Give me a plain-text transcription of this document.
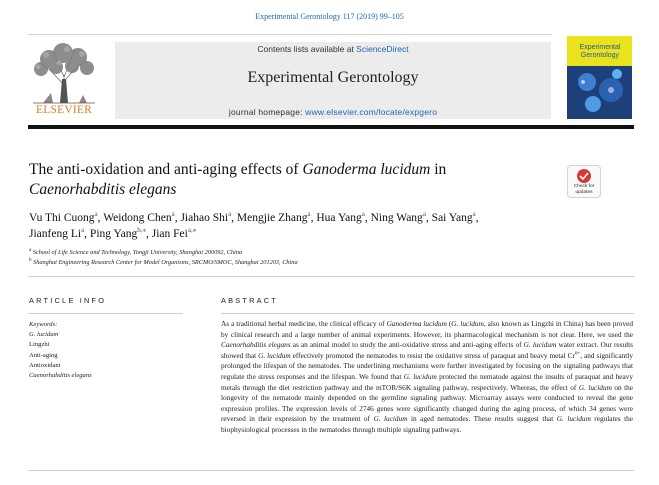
Experimental Gerontology 117 (2019) 99–105
ELSEVIER
Contents lists available at ScienceDirect
Experimental Gerontology
journal homepage: www.elsevier.com/locate/expgero
Experimental
Gerontology
The anti-oxidation and anti-aging effects of Ganoderma lucidum in
Caenorhabditis elegans	Check for
updates
Vu Thi Cuong$^a$, Weidong Chen$^a$, Jiahao Shi$^a$, Mengjie Zhang$^a$, Hua Yang$^a$, Ning Wang$^a$, Sai Yang$^a$,
Jianfeng Li$^a$, Ping Yang$^{b,⁎}$, Jian Fei$^{a,⁎}$
$^a$ School of Life Science and Technology, Tongji University, Shanghai 200092, China
$^b$ Shanghai Engineering Research Center for Model Organisms, SRCMO/SMOC, Shanghai 201203, China
ARTICLE INFO	ABSTRACT
Keywords:
G. lucidum
Lingzhi
Anti-aging
Antioxidant
Caenorhabditis elegans
As a traditional herbal medicine, the clinical efficacy of Ganoderma lucidum (G. lucidum, also known as Lingzhi in China) has been proved by clinical research and a large number of animal experiments. However, its pharmacological mechanism is not clear. Here, we used the Caenorhabditis elegans as an animal model to study the anti-oxidative stress and anti-aging effects of G. lucidum water extract. Our results showed that G. lucidum effectively promoted the nematodes to resist the oxidative stress of paraquat and heavy metal $Cr^{6+}$, and significantly prolonged the lifespan of the nematodes. The underlining mechanisms were further investigated by focusing on the signaling pathways that regulate the stress responses and the lifespan. We found that G. lucidum protected the nematode against the insults of paraquat and heavy metals through the diet restriction pathway and the mTOR/S6K signaling pathway, respectively. Whereas, the effect of G. lucidum on the longevity of the nematode mainly depended on the germline signaling pathway. Microarray assays were conducted to reveal the gene expression profiles. The expression levels of 2746 genes were significantly changed during the aging process, of which 34 genes were reversed in their expression by the treatment of G. lucidum in aged nematodes. These results suggest that G. lucidum regulates the biophysiological processes in the nematodes through multiple signaling pathways.
